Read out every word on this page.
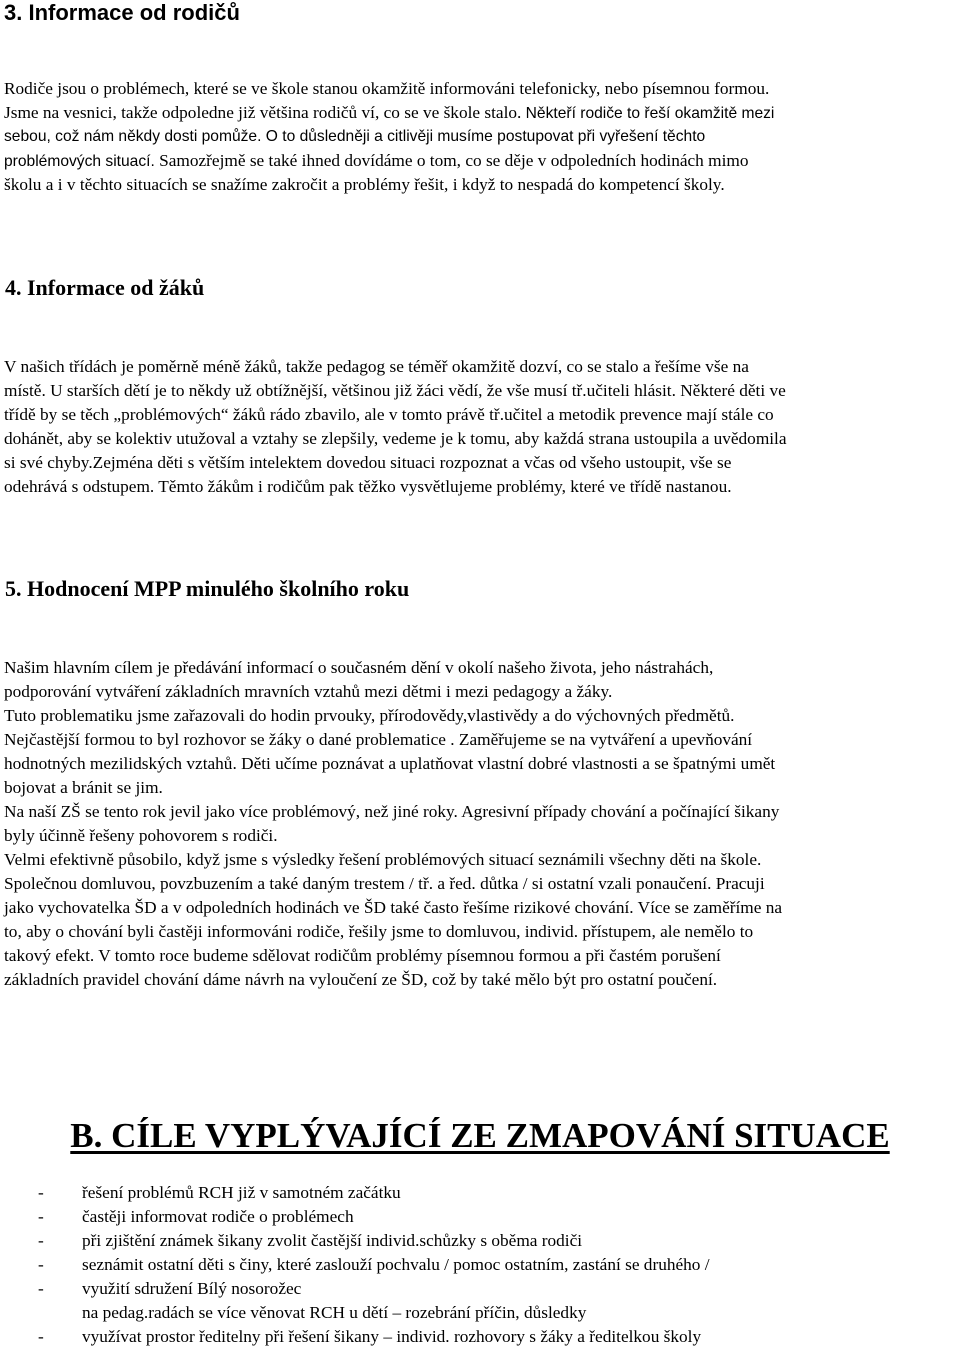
3. Informace od rodičů
Rodiče jsou o problémech, které se ve škole stanou okamžitě informováni telefonicky, nebo písemnou formou.
Jsme na vesnici, takže odpoledne již většina rodičů ví, co se ve škole stalo. Někteří rodiče to řeší okamžitě mezi
sebou, což nám někdy dosti pomůže. O to důsledněji a citlivěji musíme postupovat při vyřešení těchto
problémových situací. Samozřejmě se také ihned dovídáme o tom, co se děje v odpoledních hodinách mimo
školu a i v těchto situacích se snažíme zakročit a problémy řešit, i když to nespadá do kompetencí školy.
4. Informace od žáků
V našich třídách je poměrně méně žáků, takže pedagog se téměř okamžitě dozví, co se stalo a řešíme vše na
místě. U starších dětí je to někdy už obtížnější, většinou již žáci vědí, že vše musí tř.učiteli hlásit. Některé děti ve
třídě by se těch „problémových“ žáků rádo zbavilo, ale v tomto právě tř.učitel a metodik prevence mají stále co
dohánět, aby se kolektiv utužoval a vztahy se zlepšily, vedeme je k tomu, aby každá strana ustoupila a uvědomila
si své chyby.Zejména děti s větším intelektem dovedou situaci rozpoznat a včas od všeho ustoupit, vše se
odehrává s odstupem. Těmto žákům i rodičům pak těžko vysvětlujeme problémy, které ve třídě nastanou.
5. Hodnocení MPP minulého školního roku
Našim hlavním cílem je předávání informací o současném dění v okolí našeho života, jeho nástrahách,
podporování vytváření základních mravních vztahů mezi dětmi i mezi pedagogy a žáky.
Tuto problematiku jsme zařazovali do hodin prvouky, přírodovědy,vlastivědy a do výchovných předmětů.
Nejčastější formou to byl rozhovor se žáky o dané problematice . Zaměřujeme se na vytváření a upevňování
hodnotných mezilidských vztahů. Děti učíme poznávat a uplatňovat vlastní dobré vlastnosti a se špatnými umět
bojovat a bránit se jim.
Na naší ZŠ se tento rok jevil jako více problémový, než jiné roky. Agresivní případy chování a počínající šikany
byly účinně řešeny pohovorem s rodiči.
Velmi efektivně působilo, když jsme s výsledky řešení problémových situací seznámili všechny děti na škole.
Společnou domluvou, povzbuzením a také daným trestem / tř. a řed. důtka / si ostatní vzali ponaučení. Pracuji
jako vychovatelka ŠD a v odpoledních hodinách ve ŠD také často řešíme rizikové chování. Více se zaměříme na
to, aby o chování byli častěji informováni rodiče, řešily jsme to domluvou, individ. přístupem, ale nemělo to
takový efekt. V tomto roce budeme sdělovat rodičům problémy písemnou formou a při častém porušení
základních pravidel chování dáme návrh na vyloučení ze ŠD, což by také mělo být pro ostatní poučení.
B. CÍLE VYPLÝVAJÍCÍ ZE ZMAPOVÁNÍ SITUACE
- řešení problémů RCH již v samotném začátku
- častěji informovat rodiče o problémech
- při zjištění známek šikany zvolit častější individ.schůzky s oběma rodiči
- seznámit ostatní děti s činy, které zaslouží pochvalu / pomoc ostatním, zastání se druhého /
- využití sdružení Bílý nosorožec
na pedag.radách se více věnovat RCH u dětí – rozebrání příčin, důsledky
- využívat prostor ředitelny při řešení šikany – individ. rozhovory s žáky a ředitelkou školy
